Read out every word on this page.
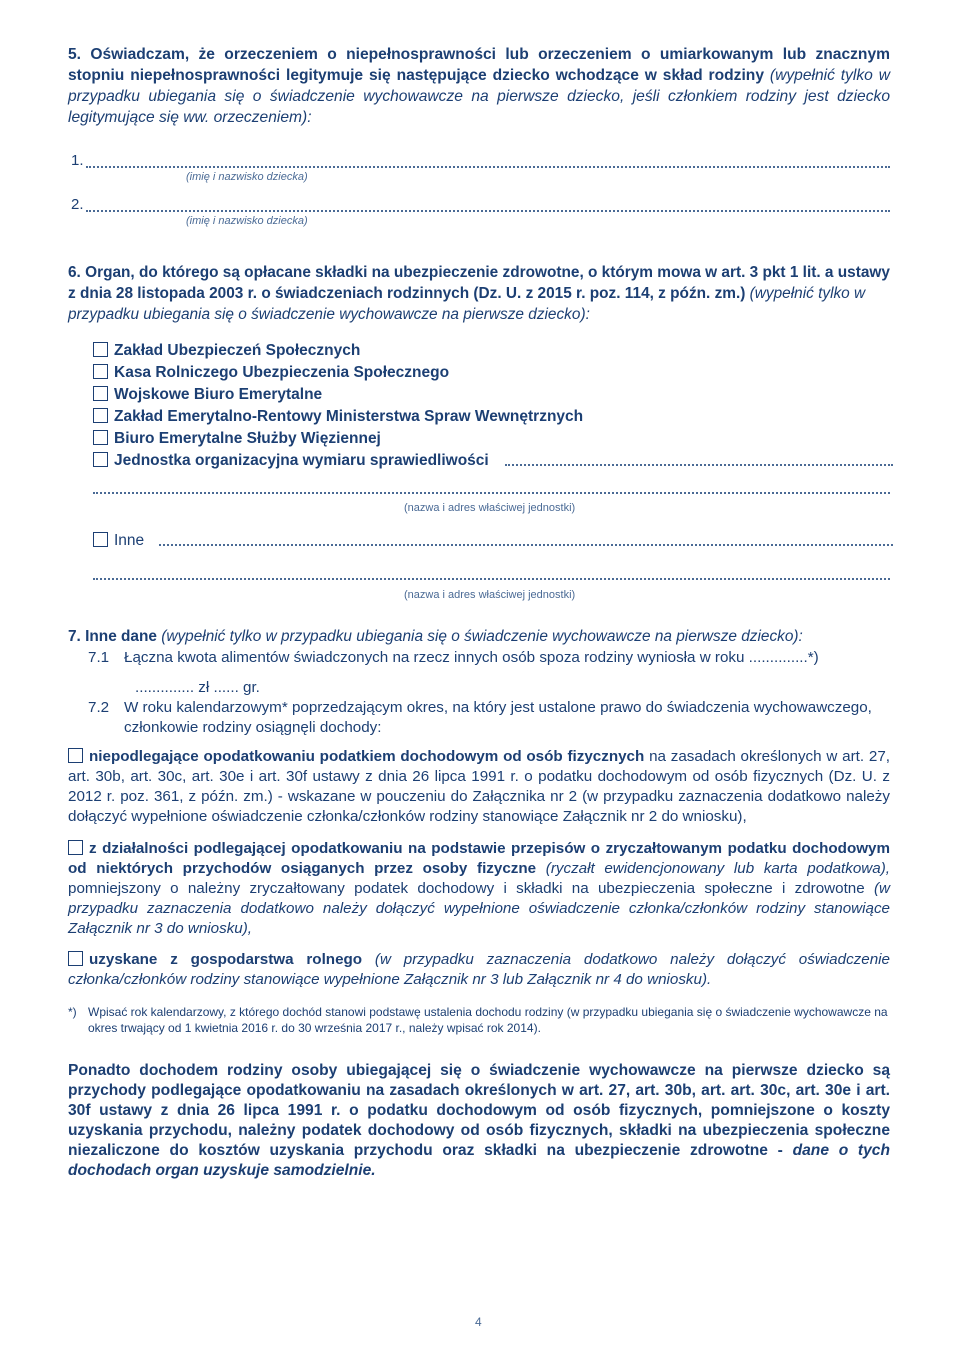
5. Oświadczam, że orzeczeniem o niepełnosprawności lub orzeczeniem o umiarkowanym lub znacznym stopniu niepełnosprawności legitymuje się następujące dziecko wchodzące w skład rodziny (wypełnić tylko w przypadku ubiegania się o świadczenie wychowawcze na pierwsze dziecko, jeśli członkiem rodziny jest dziecko legitymujące się ww. orzeczeniem):

1.
(imię i nazwisko dziecka)
2.
(imię i nazwisko dziecka)

6. Organ, do którego są opłacane składki na ubezpieczenie zdrowotne, o którym mowa w art. 3 pkt 1 lit. a ustawy z dnia 28 listopada 2003 r. o świadczeniach rodzinnych (Dz. U. z 2015 r. poz. 114, z późn. zm.) (wypełnić tylko w przypadku ubiegania się o świadczenie wychowawcze na pierwsze dziecko):

Zakład Ubezpieczeń Społecznych
Kasa Rolniczego Ubezpieczenia Społecznego
Wojskowe Biuro Emerytalne
Zakład Emerytalno-Rentowy Ministerstwa Spraw Wewnętrznych
Biuro Emerytalne Służby Więziennej
Jednostka organizacyjna wymiaru sprawiedliwości
(nazwa i adres właściwej jednostki)
Inne
(nazwa i adres właściwej jednostki)

7. Inne dane (wypełnić tylko w przypadku ubiegania się o świadczenie wychowawcze na pierwsze dziecko):

7.1 Łączna kwota alimentów świadczonych na rzecz innych osób spoza rodziny wyniosła w roku ..............*)
.............. zł ...... gr.
7.2 W roku kalendarzowym* poprzedzającym okres, na który jest ustalone prawo do świadczenia wychowawczego, członkowie rodziny osiągnęli dochody:
niepodlegające opodatkowaniu podatkiem dochodowym od osób fizycznych na zasadach określonych w art. 27, art. 30b, art. 30c, art. 30e i art. 30f ustawy z dnia 26 lipca 1991 r. o podatku dochodowym od osób fizycznych (Dz. U. z 2012 r. poz. 361, z późn. zm.) - wskazane w pouczeniu do Załącznika nr 2 (w przypadku zaznaczenia dodatkowo należy dołączyć wypełnione oświadczenie członka/członków rodziny stanowiące Załącznik nr 2 do wniosku),
z działalności podlegającej opodatkowaniu na podstawie przepisów o zryczałtowanym podatku dochodowym od niektórych przychodów osiąganych przez osoby fizyczne (ryczałt ewidencjonowany lub karta podatkowa), pomniejszony o należny zryczałtowany podatek dochodowy i składki na ubezpieczenia społeczne i zdrowotne (w przypadku zaznaczenia dodatkowo należy dołączyć wypełnione oświadczenie członka/członków rodziny stanowiące Załącznik nr 3 do wniosku),
uzyskane z gospodarstwa rolnego (w przypadku zaznaczenia dodatkowo należy dołączyć oświadczenie członka/członków rodziny stanowiące wypełnione Załącznik nr 3 lub Załącznik nr 4 do wniosku).
*) Wpisać rok kalendarzowy, z którego dochód stanowi podstawę ustalenia dochodu rodziny (w przypadku ubiegania się o świadczenie wychowawcze na okres trwający od 1 kwietnia 2016 r. do 30 września 2017 r., należy wpisać rok 2014).
Ponadto dochodem rodziny osoby ubiegającej się o świadczenie wychowawcze na pierwsze dziecko są przychody podlegające opodatkowaniu na zasadach określonych w art. 27, art. 30b, art. art. 30c, art. 30e i art. 30f ustawy z dnia 26 lipca 1991 r. o podatku dochodowym od osób fizycznych, pomniejszone o koszty uzyskania przychodu, należny podatek dochodowy od osób fizycznych, składki na ubezpieczenia społeczne niezaliczone do kosztów uzyskania przychodu oraz składki na ubezpieczenie zdrowotne - dane o tych dochodach organ uzyskuje samodzielnie.
4
